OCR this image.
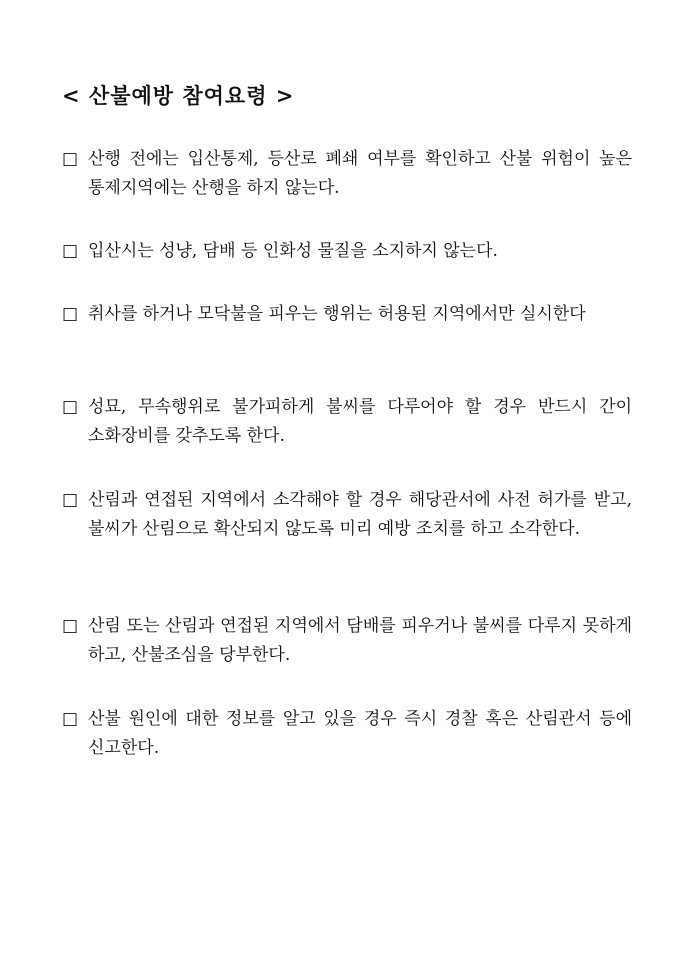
< 산불예방 참여요령 >
□ 산행 전에는 입산통제, 등산로 폐쇄 여부를 확인하고 산불 위험이 높은 통제지역에는 산행을 하지 않는다.
□ 입산시는 성냥, 담배 등 인화성 물질을 소지하지 않는다.
□ 취사를 하거나 모닥불을 피우는 행위는 허용된 지역에서만 실시한다
□ 성묘, 무속행위로 불가피하게 불씨를 다루어야 할 경우 반드시 간이 소화장비를 갖추도록 한다.
□ 산림과 연접된 지역에서 소각해야 할 경우 해당관서에 사전 허가를 받고, 불씨가 산림으로 확산되지 않도록 미리 예방 조치를 하고 소각한다.
□ 산림 또는 산림과 연접된 지역에서 담배를 피우거나 불씨를 다루지 못하게 하고, 산불조심을 당부한다.
□ 산불 원인에 대한 정보를 알고 있을 경우 즉시 경찰 혹은 산림관서 등에 신고한다.
